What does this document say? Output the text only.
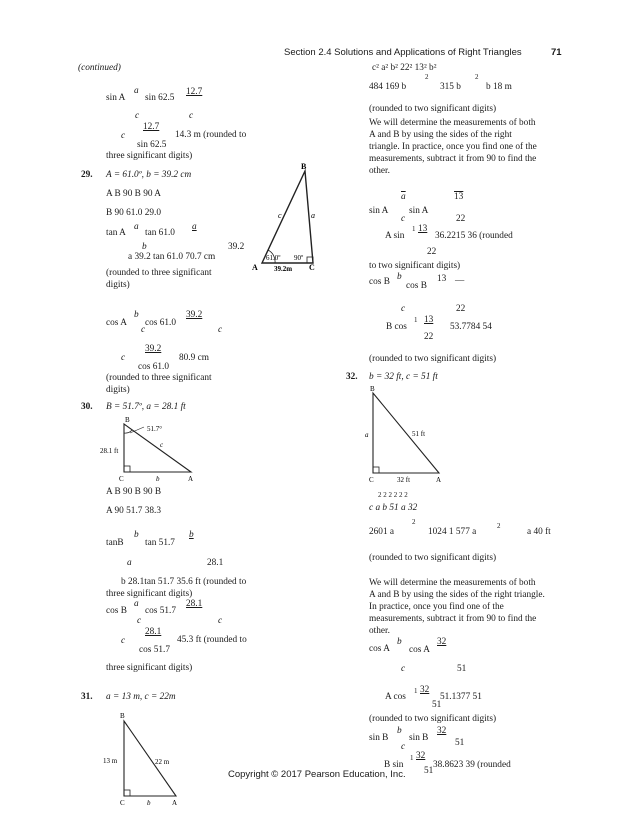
Section 2.4 Solutions and Applications of Right Triangles	71
(continued)
sin A
a
sin 62.5
12.7
c	c
c
12.7
14.3 m (rounded to
sin 62.5
three significant digits)
29. A = 61.0º, b = 39.2 cm
A B 90 B 90 A
B 90 61.0 29.0
tan A
a
tan 61.0
a
b	39.2
a 39.2 tan 61.0 70.7 cm
(rounded to three significant
digits)
cos A
b
cos 61.0
39.2
c	c
c
39.2
80.9 cm
cos 61.0
(rounded to three significant
digits)
B
A	C
c	a
61.0º 90º
39.2m
30. B = 51.7º, a = 28.1 ft
B
51.7°
c
28.1 ft
C	b	A
A B 90 B 90 B
A 90 51.7 38.3
tanB
b
tan 51.7
b
a	28.1
b 28.1tan 51.7 35.6 ft (rounded to
three significant digits)
cos B
a
cos 51.7
28.1
c	c
c
28.1
45.3 ft (rounded to
cos 51.7
three significant digits)
31. a = 13 m, c = 22m
B
13 m	22 m
C	b	A
c² a² b² 22² 13² b²
484 169 b
2
315 b
2
b 18 m
(rounded to two significant digits)
We will determine the measurements of both
A and B by using the sides of the right
triangle. In practice, once you find one of the
measurements, subtract it from 90 to find the
other.
$\overline{a}$	13
sin A sin A
c	22
A sin
1 13
36.2215 36 (rounded
22
to two significant digits)
cos B b
cos B
13 —
c	22
B cos
1 13
53.7784 54
22
(rounded to two significant digits)
32. b = 32 ft, c = 51 ft
B
a	51 ft
C	32 ft	A
2 2 2 2 2 2
c a b 51 a 32
2601 a
2
1024 1 577 a
2
a 40 ft
(rounded to two significant digits)
We will determine the measurements of both
A and B by using the sides of the right triangle.
In practice, once you find one of the
measurements, subtract it from 90 to find the
other.
cos A
b
cos A
32
c	51
A cos
1 32
51.1377 51
51
(rounded to two significant digits)
sin B
b
sin B
32
c	51
B sin
1 32
38.8623 39 (rounded
51
Copyright © 2017 Pearson Education, Inc.
